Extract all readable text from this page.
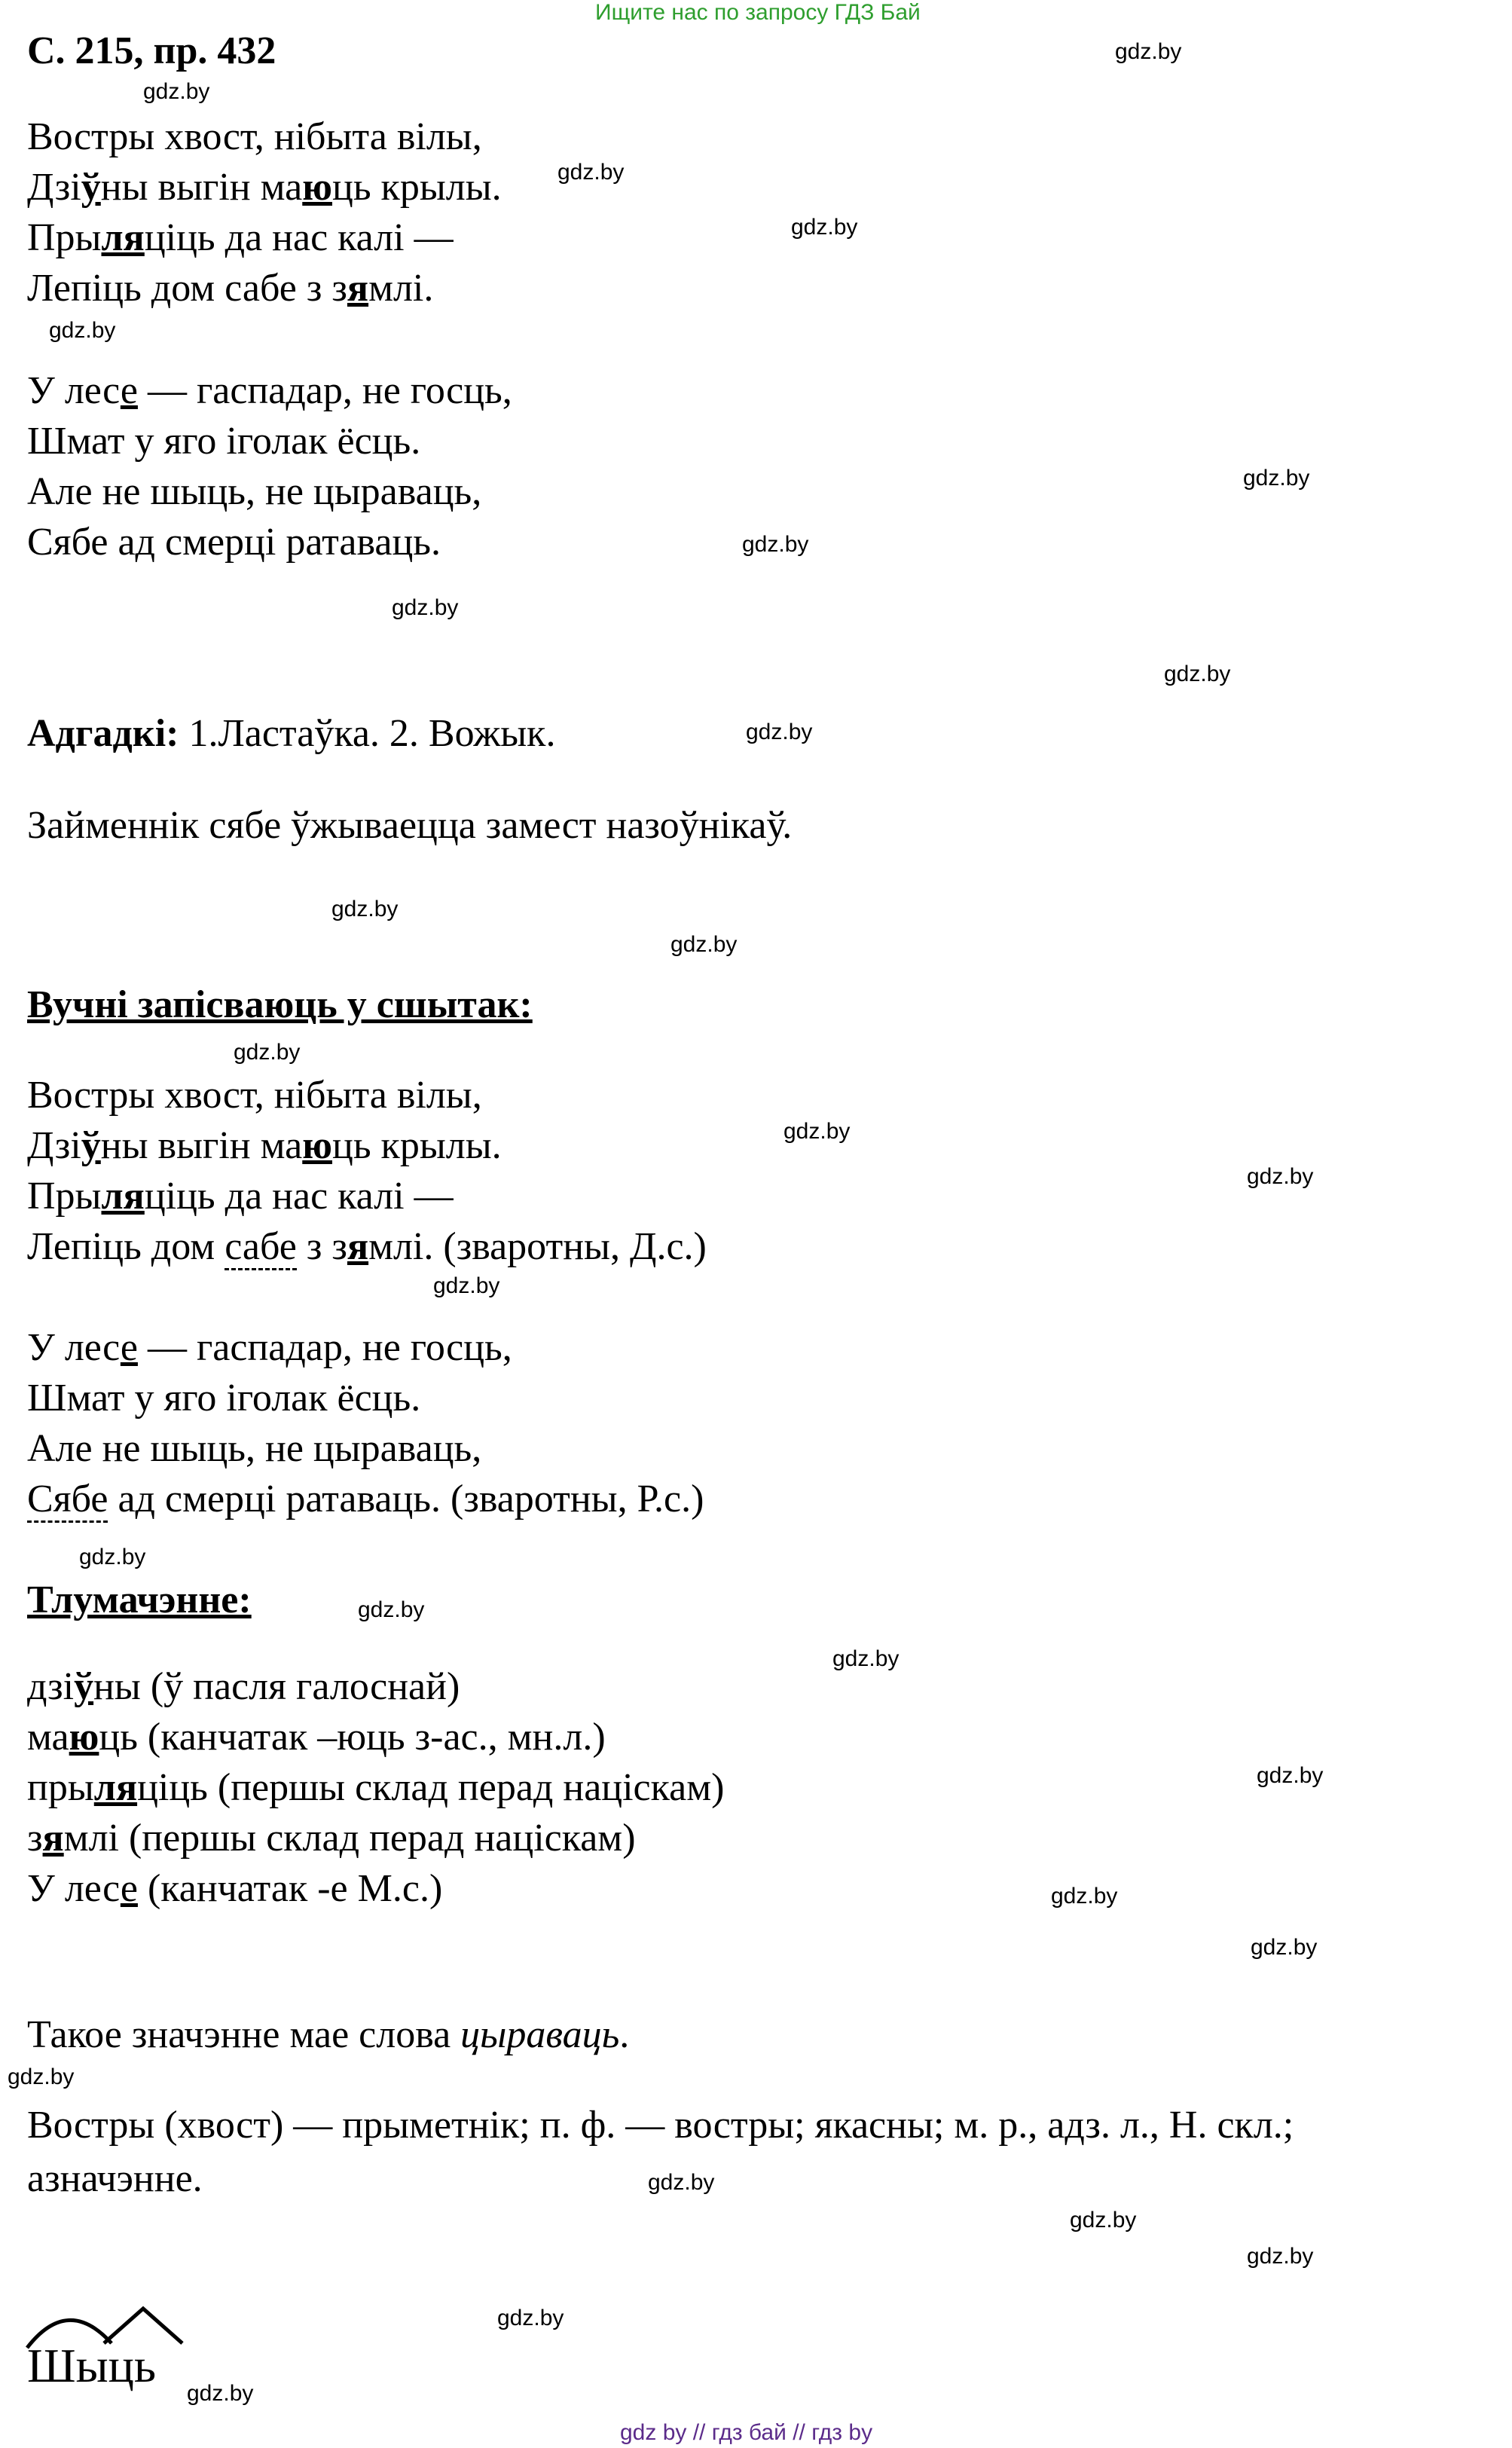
Ищите нас по запросу ГДЗ Бай
С. 215, пр. 432
Востры хвост, нібыта вілы,
Дзіўны выгін маюць крылы.
Прыляціць да нас калі —
Лепіць дом сабе з зямлі.
У лесе — гаспадар, не госць,
Шмат у яго іголак ёсць.
Але не шыць, не цыраваць,
Сябе ад смерці ратаваць.
Адгадкі: 1.Ластаўка. 2. Вожык.
Займеннік сябе ўжываецца замест назоўнікаў.
Вучні запісваюць у сшытак:
Востры хвост, нібыта вілы,
Дзіўны выгін маюць крылы.
Прыляціць да нас калі —
Лепіць дом сабе з зямлі. (зваротны, Д.с.)
У лесе — гаспадар, не госць,
Шмат у яго іголак ёсць.
Але не шыць, не цыраваць,
Сябе ад смерці ратаваць. (зваротны, Р.с.)
Тлумачэнне:
дзіўны (ў пасля галоснай)
маюць (канчатак –юць з-ас., мн.л.)
прыляціць (першы склад перад націскам)
зямлі (першы склад перад націскам)
У лесе (канчатак -е М.с.)
Такое значэнне мае слова цыраваць.
Востры (хвост) — прыметнік; п. ф. — востры; якасны; м. р., адз. л., Н. скл.;
азначэнне.
Шыць
gdz.by
gdz.by
gdz.by
gdz.by
gdz.by
gdz.by
gdz.by
gdz.by
gdz.by
gdz.by
gdz.by
gdz.by
gdz.by
gdz.by
gdz.by
gdz.by
gdz.by
gdz.by
gdz.by
gdz.by
gdz.by
gdz.by
gdz.by
gdz.by
gdz.by
gdz.by
gdz.by
gdz.by
gdz by // гдз бай // гдз by
